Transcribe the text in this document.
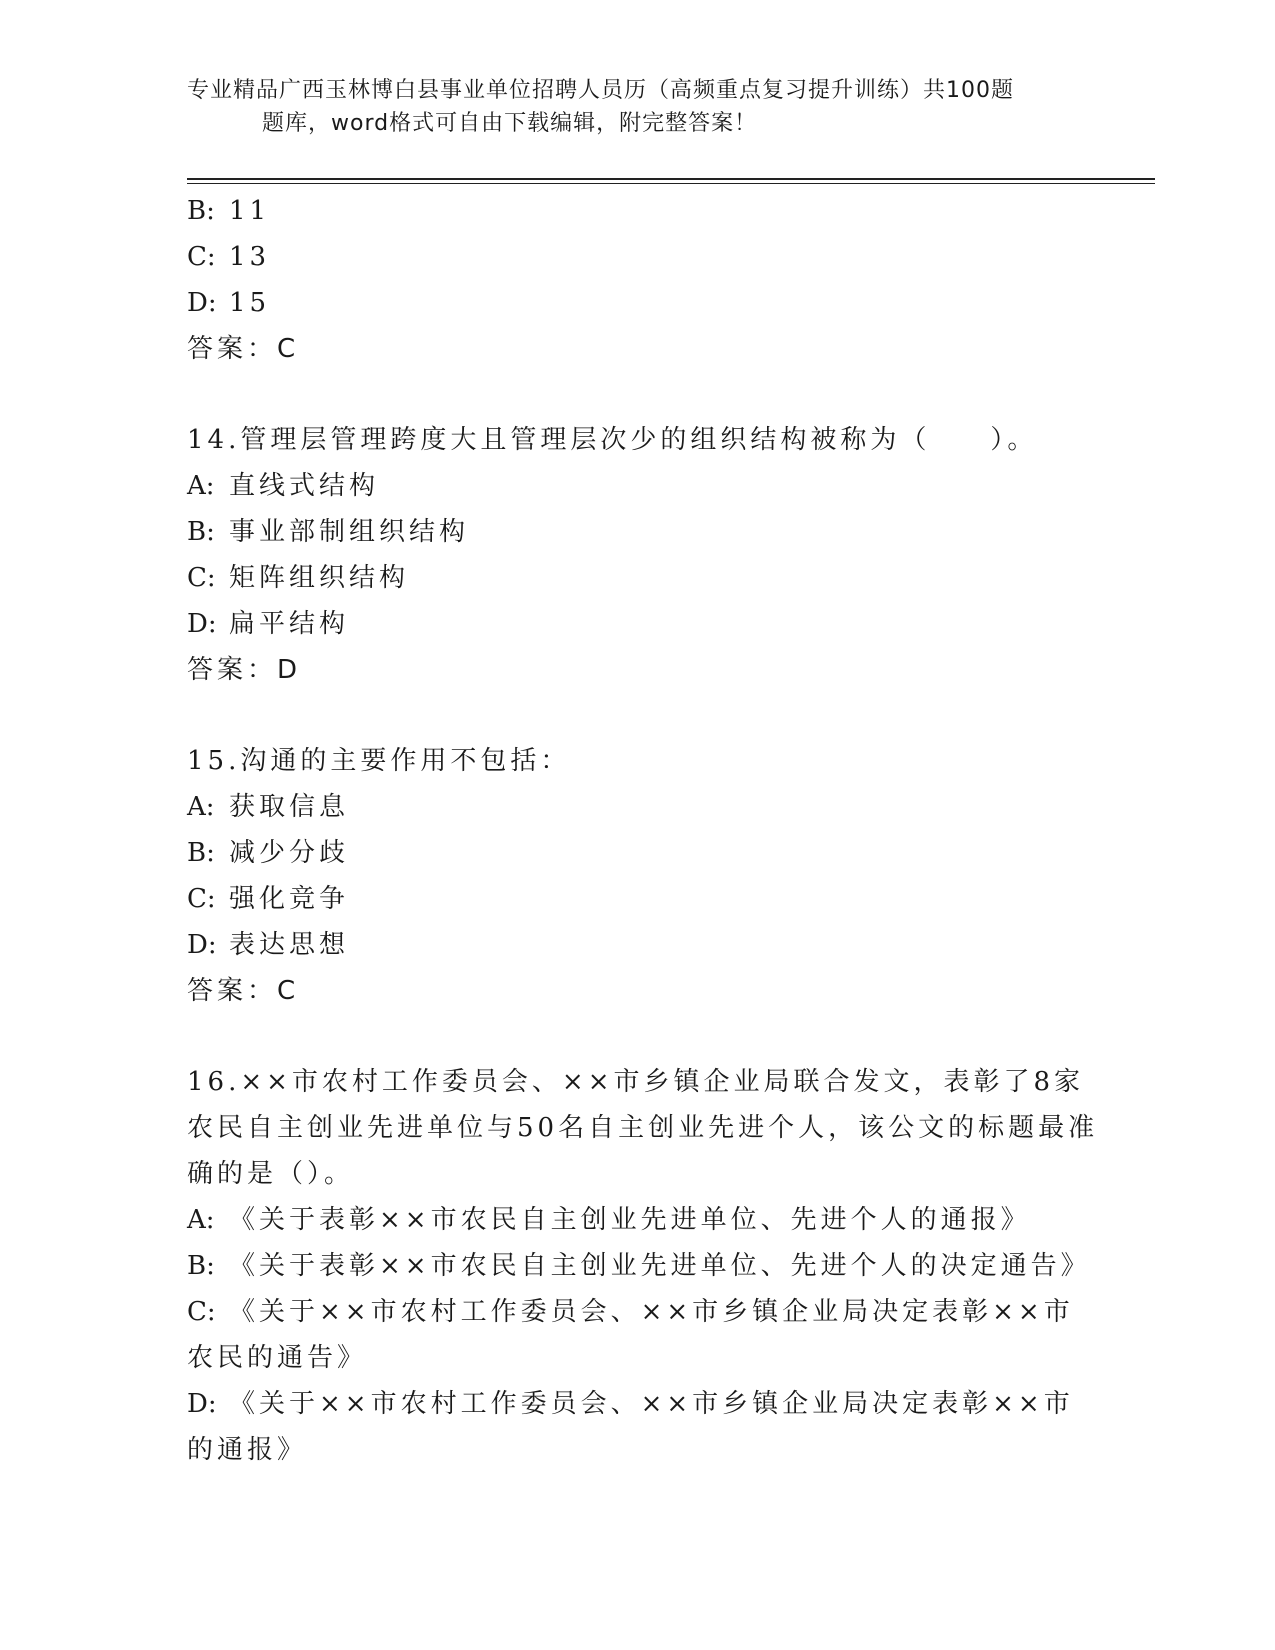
专业精品广西玉林博白县事业单位招聘人员历（高频重点复习提升训练）共100题
题库，word格式可自由下载编辑，附完整答案！
B: 11
C: 13
D: 15
答案：C
14.管理层管理跨度大且管理层次少的组织结构被称为（　　）。
A: 直线式结构
B: 事业部制组织结构
C: 矩阵组织结构
D: 扁平结构
答案：D
15.沟通的主要作用不包括：
A: 获取信息
B: 减少分歧
C: 强化竞争
D: 表达思想
答案：C
16.××市农村工作委员会、××市乡镇企业局联合发文，表彰了8家
农民自主创业先进单位与50名自主创业先进个人，该公文的标题最准
确的是（）。
A: 《关于表彰××市农民自主创业先进单位、先进个人的通报》
B: 《关于表彰××市农民自主创业先进单位、先进个人的决定通告》
C: 《关于××市农村工作委员会、××市乡镇企业局决定表彰××市
农民的通告》
D: 《关于××市农村工作委员会、××市乡镇企业局决定表彰××市
的通报》
